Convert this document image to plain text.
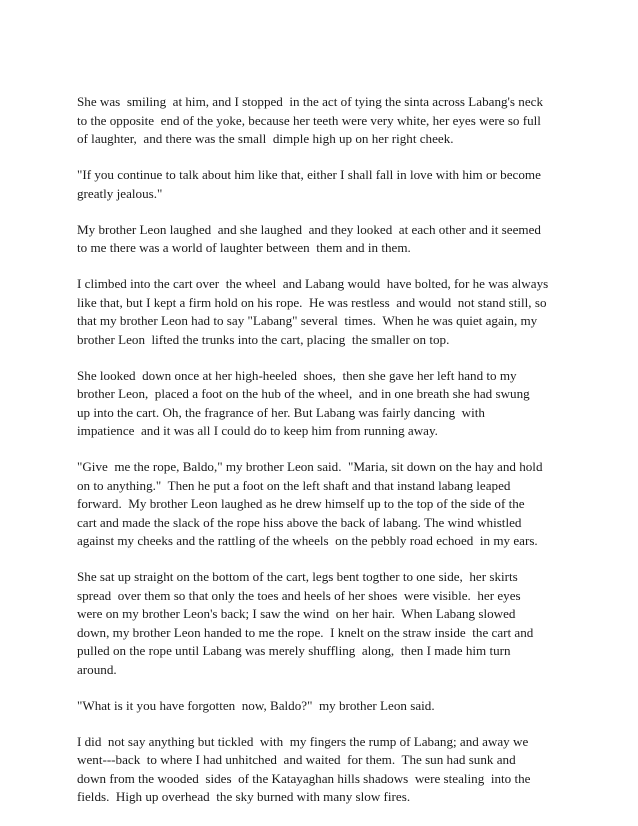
She was  smiling  at him, and I stopped  in the act of tying the sinta across Labang's neck
to the opposite  end of the yoke, because her teeth were very white, her eyes were so full
of laughter,  and there was the small  dimple high up on her right cheek.

"If you continue to talk about him like that, either I shall fall in love with him or become
greatly jealous."

My brother Leon laughed  and she laughed  and they looked  at each other and it seemed
to me there was a world of laughter between  them and in them.

I climbed into the cart over  the wheel  and Labang would  have bolted, for he was always
like that, but I kept a firm hold on his rope.  He was restless  and would  not stand still, so
that my brother Leon had to say "Labang" several  times.  When he was quiet again, my
brother Leon  lifted the trunks into the cart, placing  the smaller on top.

She looked  down once at her high-heeled  shoes,  then she gave her left hand to my
brother Leon,  placed a foot on the hub of the wheel,  and in one breath she had swung
up into the cart. Oh, the fragrance of her. But Labang was fairly dancing  with
impatience  and it was all I could do to keep him from running away.

"Give  me the rope, Baldo," my brother Leon said.  "Maria, sit down on the hay and hold
on to anything."  Then he put a foot on the left shaft and that instand labang leaped
forward.  My brother Leon laughed as he drew himself up to the top of the side of the
cart and made the slack of the rope hiss above the back of labang. The wind whistled
against my cheeks and the rattling of the wheels  on the pebbly road echoed  in my ears.

She sat up straight on the bottom of the cart, legs bent togther to one side,  her skirts
spread  over them so that only the toes and heels of her shoes  were visible.  her eyes
were on my brother Leon's back; I saw the wind  on her hair.  When Labang slowed
down, my brother Leon handed to me the rope.  I knelt on the straw inside  the cart and
pulled on the rope until Labang was merely shuffling  along,  then I made him turn
around.

"What is it you have forgotten  now, Baldo?"  my brother Leon said.

I did  not say anything but tickled  with  my fingers the rump of Labang; and away we
went---back  to where I had unhitched  and waited  for them.  The sun had sunk and
down from the wooded  sides  of the Katayaghan hills shadows  were stealing  into the
fields.  High up overhead  the sky burned with many slow fires.
